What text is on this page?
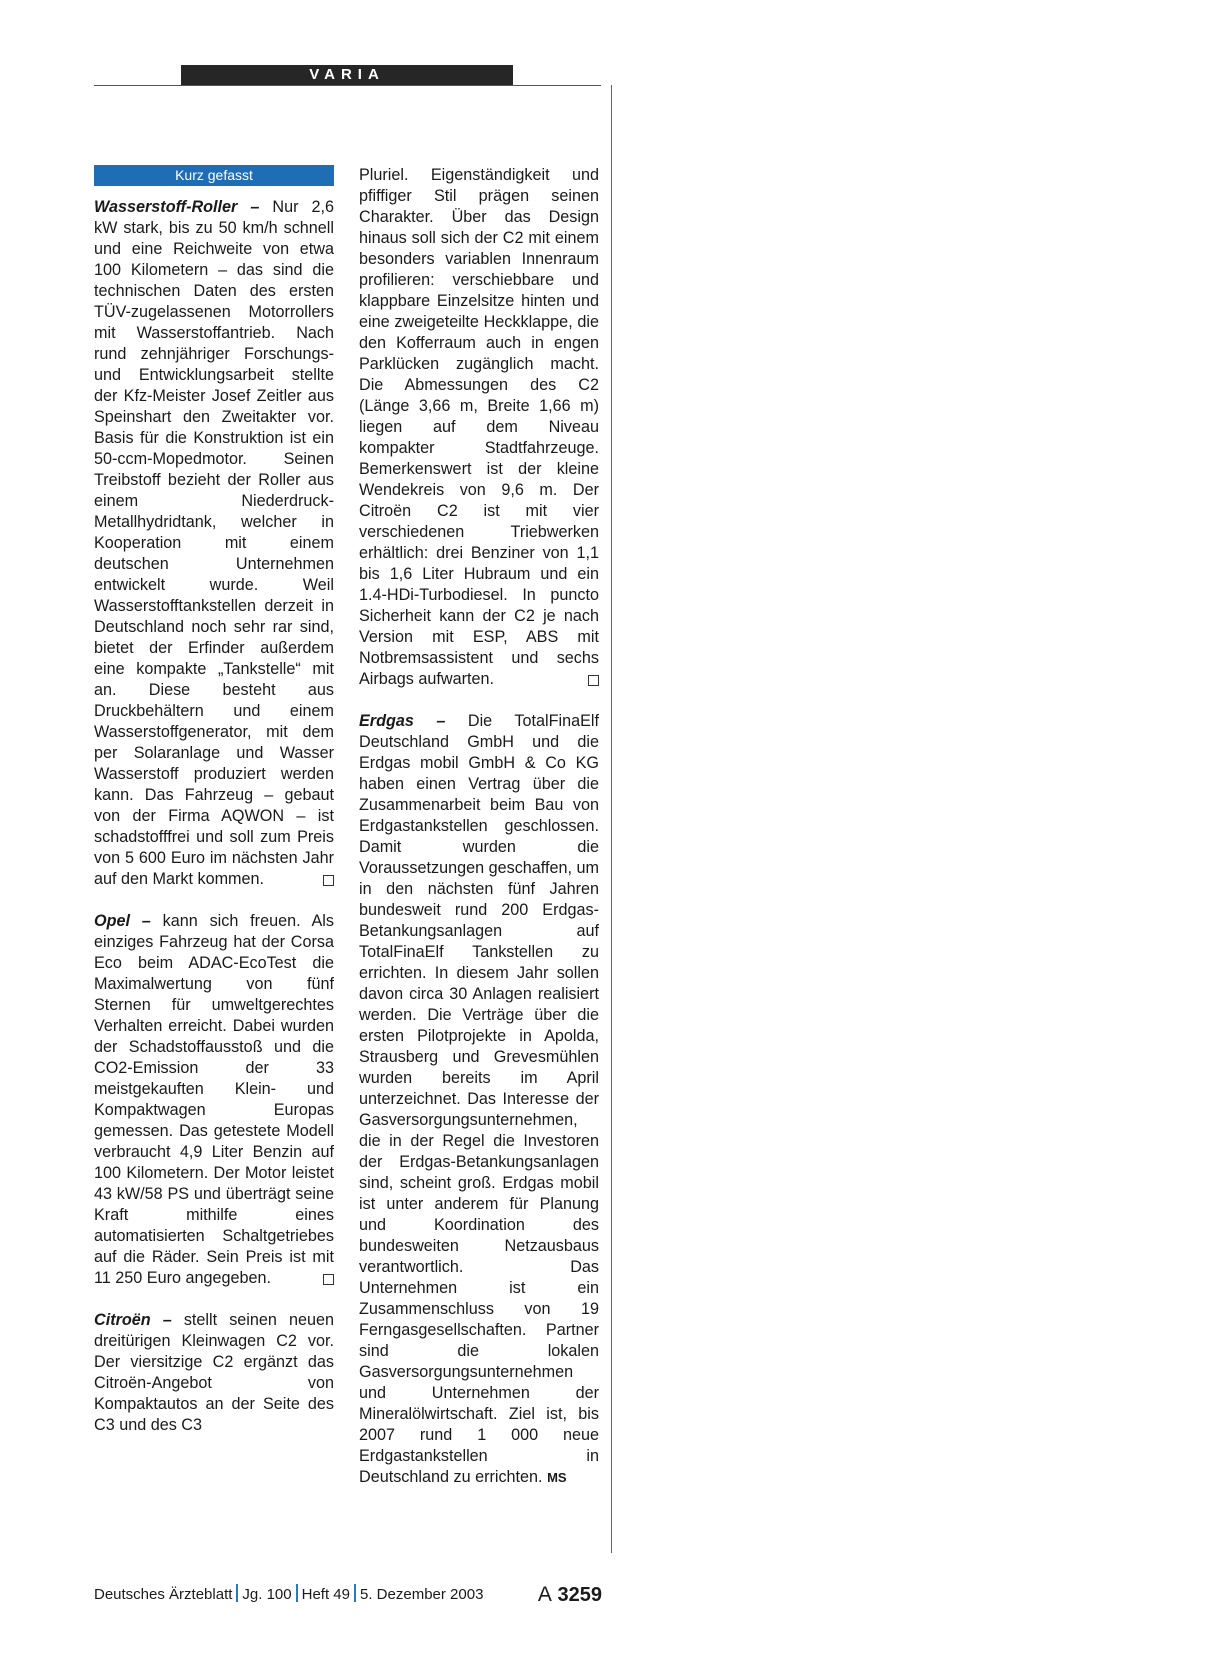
VARIA
Kurz gefasst

Wasserstoff-Roller – Nur 2,6 kW stark, bis zu 50 km/h schnell und eine Reichweite von etwa 100 Kilometern – das sind die technischen Daten des ersten TÜV-zugelassenen Motorrollers mit Wasserstoffantrieb. Nach rund zehnjähriger Forschungs- und Entwicklungsarbeit stellte der Kfz-Meister Josef Zeitler aus Speinshart den Zweitakter vor. Basis für die Konstruktion ist ein 50-ccm-Mopedmotor. Seinen Treibstoff bezieht der Roller aus einem Niederdruck-Metallhydridtank, welcher in Kooperation mit einem deutschen Unternehmen entwickelt wurde. Weil Wasserstofftankstellen derzeit in Deutschland noch sehr rar sind, bietet der Erfinder außerdem eine kompakte „Tankstelle“ mit an. Diese besteht aus Druckbehältern und einem Wasserstoffgenerator, mit dem per Solaranlage und Wasser Wasserstoff produziert werden kann. Das Fahrzeug – gebaut von der Firma AQWON – ist schadstofffrei und soll zum Preis von 5 600 Euro im nächsten Jahr auf den Markt kommen.

Opel – kann sich freuen. Als einziges Fahrzeug hat der Corsa Eco beim ADAC-EcoTest die Maximalwertung von fünf Sternen für umweltgerechtes Verhalten erreicht. Dabei wurden der Schadstoffausstoß und die CO2-Emission der 33 meistgekauften Klein- und Kompaktwagen Europas gemessen. Das getestete Modell verbraucht 4,9 Liter Benzin auf 100 Kilometern. Der Motor leistet 43 kW/58 PS und überträgt seine Kraft mithilfe eines automatisierten Schaltgetriebes auf die Räder. Sein Preis ist mit 11 250 Euro angegeben.

Citroën – stellt seinen neuen dreitürigen Kleinwagen C2 vor. Der viersitzige C2 ergänzt das Citroën-Angebot von Kompaktautos an der Seite des C3 und des C3

Pluriel. Eigenständigkeit und pfiffiger Stil prägen seinen Charakter. Über das Design hinaus soll sich der C2 mit einem besonders variablen Innenraum profilieren: verschiebbare und klappbare Einzelsitze hinten und eine zweigeteilte Heckklappe, die den Kofferraum auch in engen Parklücken zugänglich macht. Die Abmessungen des C2 (Länge 3,66 m, Breite 1,66 m) liegen auf dem Niveau kompakter Stadtfahrzeuge. Bemerkenswert ist der kleine Wendekreis von 9,6 m. Der Citroën C2 ist mit vier verschiedenen Triebwerken erhältlich: drei Benziner von 1,1 bis 1,6 Liter Hubraum und ein 1.4-HDi-Turbodiesel. In puncto Sicherheit kann der C2 je nach Version mit ESP, ABS mit Notbremsassistent und sechs Airbags aufwarten.

Erdgas – Die TotalFinaElf Deutschland GmbH und die Erdgas mobil GmbH & Co KG haben einen Vertrag über die Zusammenarbeit beim Bau von Erdgastankstellen geschlossen. Damit wurden die Voraussetzungen geschaffen, um in den nächsten fünf Jahren bundesweit rund 200 Erdgas-Betankungsanlagen auf TotalFinaElf Tankstellen zu errichten. In diesem Jahr sollen davon circa 30 Anlagen realisiert werden. Die Verträge über die ersten Pilotprojekte in Apolda, Strausberg und Grevesmühlen wurden bereits im April unterzeichnet. Das Interesse der Gasversorgungsunternehmen, die in der Regel die Investoren der Erdgas-Betankungsanlagen sind, scheint groß. Erdgas mobil ist unter anderem für Planung und Koordination des bundesweiten Netzausbaus verantwortlich. Das Unternehmen ist ein Zusammenschluss von 19 Ferngasgesellschaften. Partner sind die lokalen Gasversorgungsunternehmen und Unternehmen der Mineralölwirtschaft. Ziel ist, bis 2007 rund 1 000 neue Erdgastankstellen in Deutschland zu errichten. MS

Deutsches Ärzteblatt Jg. 100 Heft 49 5. Dezember 2003	A 3259
